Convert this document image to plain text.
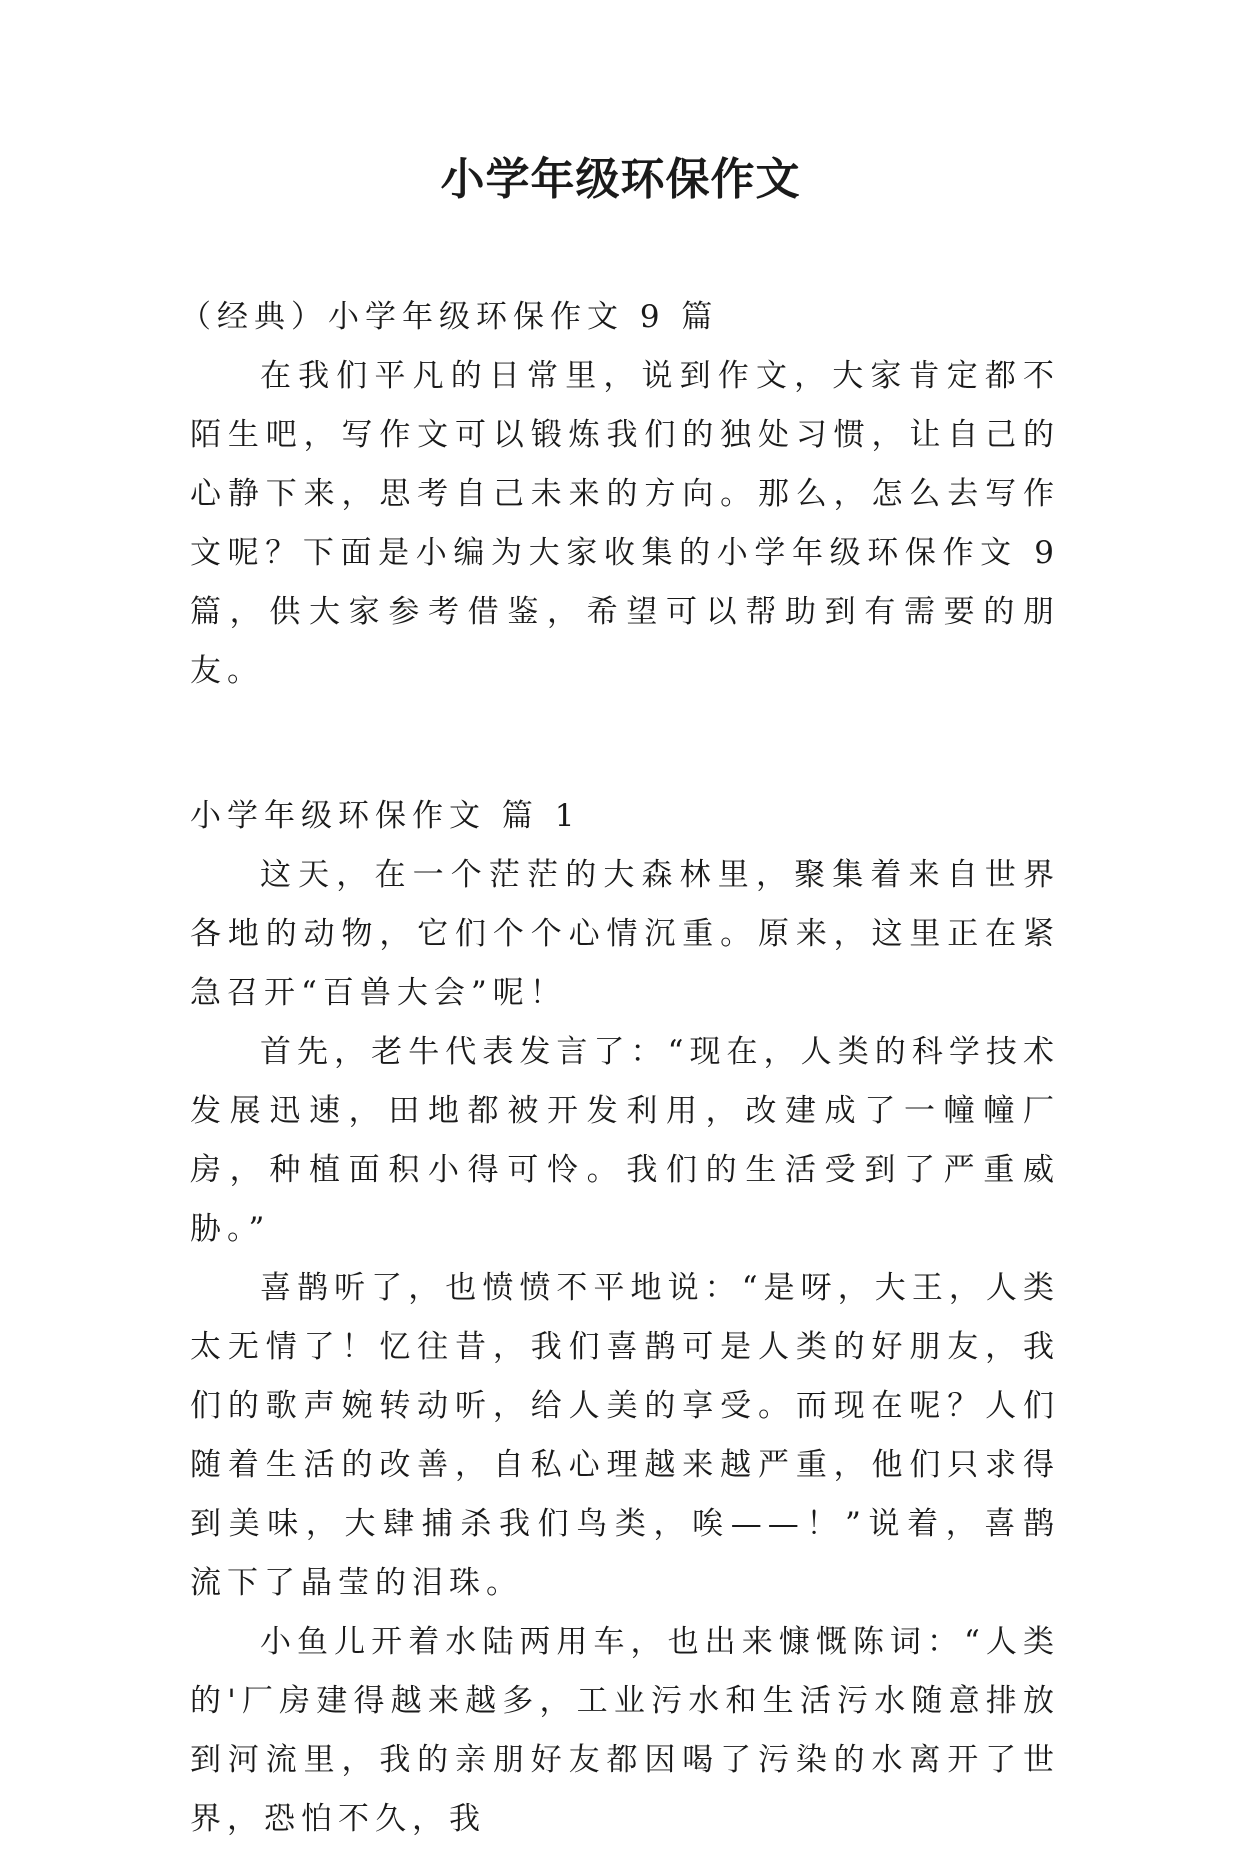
小学年级环保作文

（经典）小学年级环保作文 9 篇

在我们平凡的日常里，说到作文，大家肯定都不陌生吧，写作文可以锻炼我们的独处习惯，让自己的心静下来，思考自己未来的方向。那么，怎么去写作文呢？下面是小编为大家收集的小学年级环保作文 9 篇，供大家参考借鉴，希望可以帮助到有需要的朋友。

小学年级环保作文 篇 1

这天，在一个茫茫的大森林里，聚集着来自世界各地的动物，它们个个心情沉重。原来，这里正在紧急召开“百兽大会”呢！

首先，老牛代表发言了：“现在，人类的科学技术发展迅速，田地都被开发利用，改建成了一幢幢厂房，种植面积小得可怜。我们的生活受到了严重威胁。”

喜鹊听了，也愤愤不平地说：“是呀，大王，人类太无情了！忆往昔，我们喜鹊可是人类的好朋友，我们的歌声婉转动听，给人美的享受。而现在呢？人们随着生活的改善，自私心理越来越严重，他们只求得到美味，大肆捕杀我们鸟类，唉——！”说着，喜鹊流下了晶莹的泪珠。

小鱼儿开着水陆两用车，也出来慷慨陈词：“人类的'厂房建得越来越多，工业污水和生活污水随意排放到河流里，我的亲朋好友都因喝了污染的水离开了世界，恐怕不久，我
